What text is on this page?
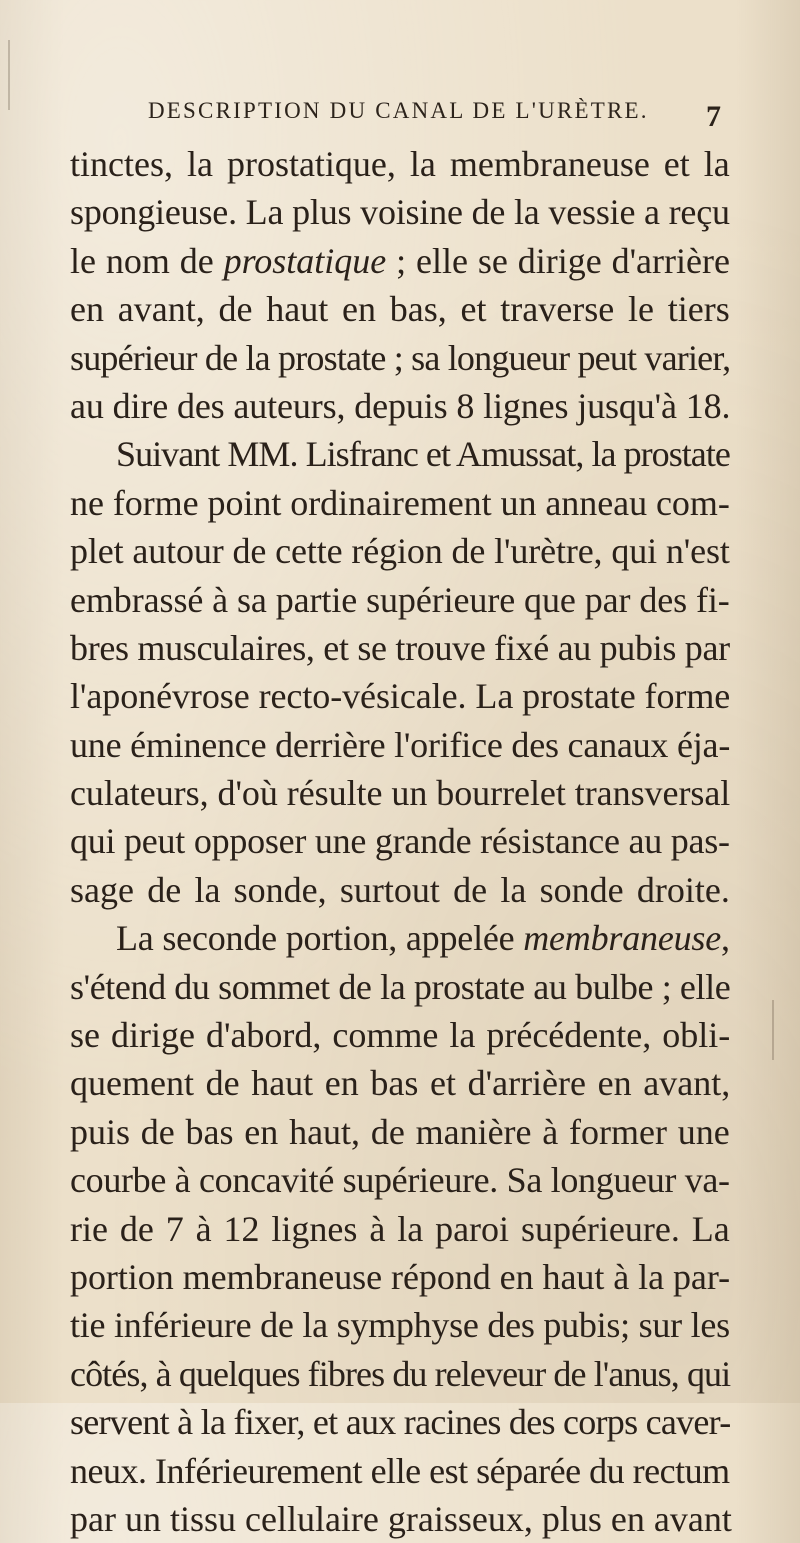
DESCRIPTION DU CANAL DE L'URÈTRE. 7
tinctes, la prostatique, la membraneuse et la
spongieuse. La plus voisine de la vessie a reçu
le nom de prostatique ; elle se dirige d'arrière
en avant, de haut en bas, et traverse le tiers
supérieur de la prostate ; sa longueur peut varier,
au dire des auteurs, depuis 8 lignes jusqu'à 18.
Suivant MM. Lisfranc et Amussat, la prostate
ne forme point ordinairement un anneau com-
plet autour de cette région de l'urètre, qui n'est
embrassé à sa partie supérieure que par des fi-
bres musculaires, et se trouve fixé au pubis par
l'aponévrose recto-vésicale. La prostate forme
une éminence derrière l'orifice des canaux éja-
culateurs, d'où résulte un bourrelet transversal
qui peut opposer une grande résistance au pas-
sage de la sonde, surtout de la sonde droite.
La seconde portion, appelée membraneuse,
s'étend du sommet de la prostate au bulbe ; elle
se dirige d'abord, comme la précédente, obli-
quement de haut en bas et d'arrière en avant,
puis de bas en haut, de manière à former une
courbe à concavité supérieure. Sa longueur va-
rie de 7 à 12 lignes à la paroi supérieure. La
portion membraneuse répond en haut à la par-
tie inférieure de la symphyse des pubis; sur les
côtés, à quelques fibres du releveur de l'anus, qui
servent à la fixer, et aux racines des corps caver-
neux. Inférieurement elle est séparée du rectum
par un tissu cellulaire graisseux, plus en avant
